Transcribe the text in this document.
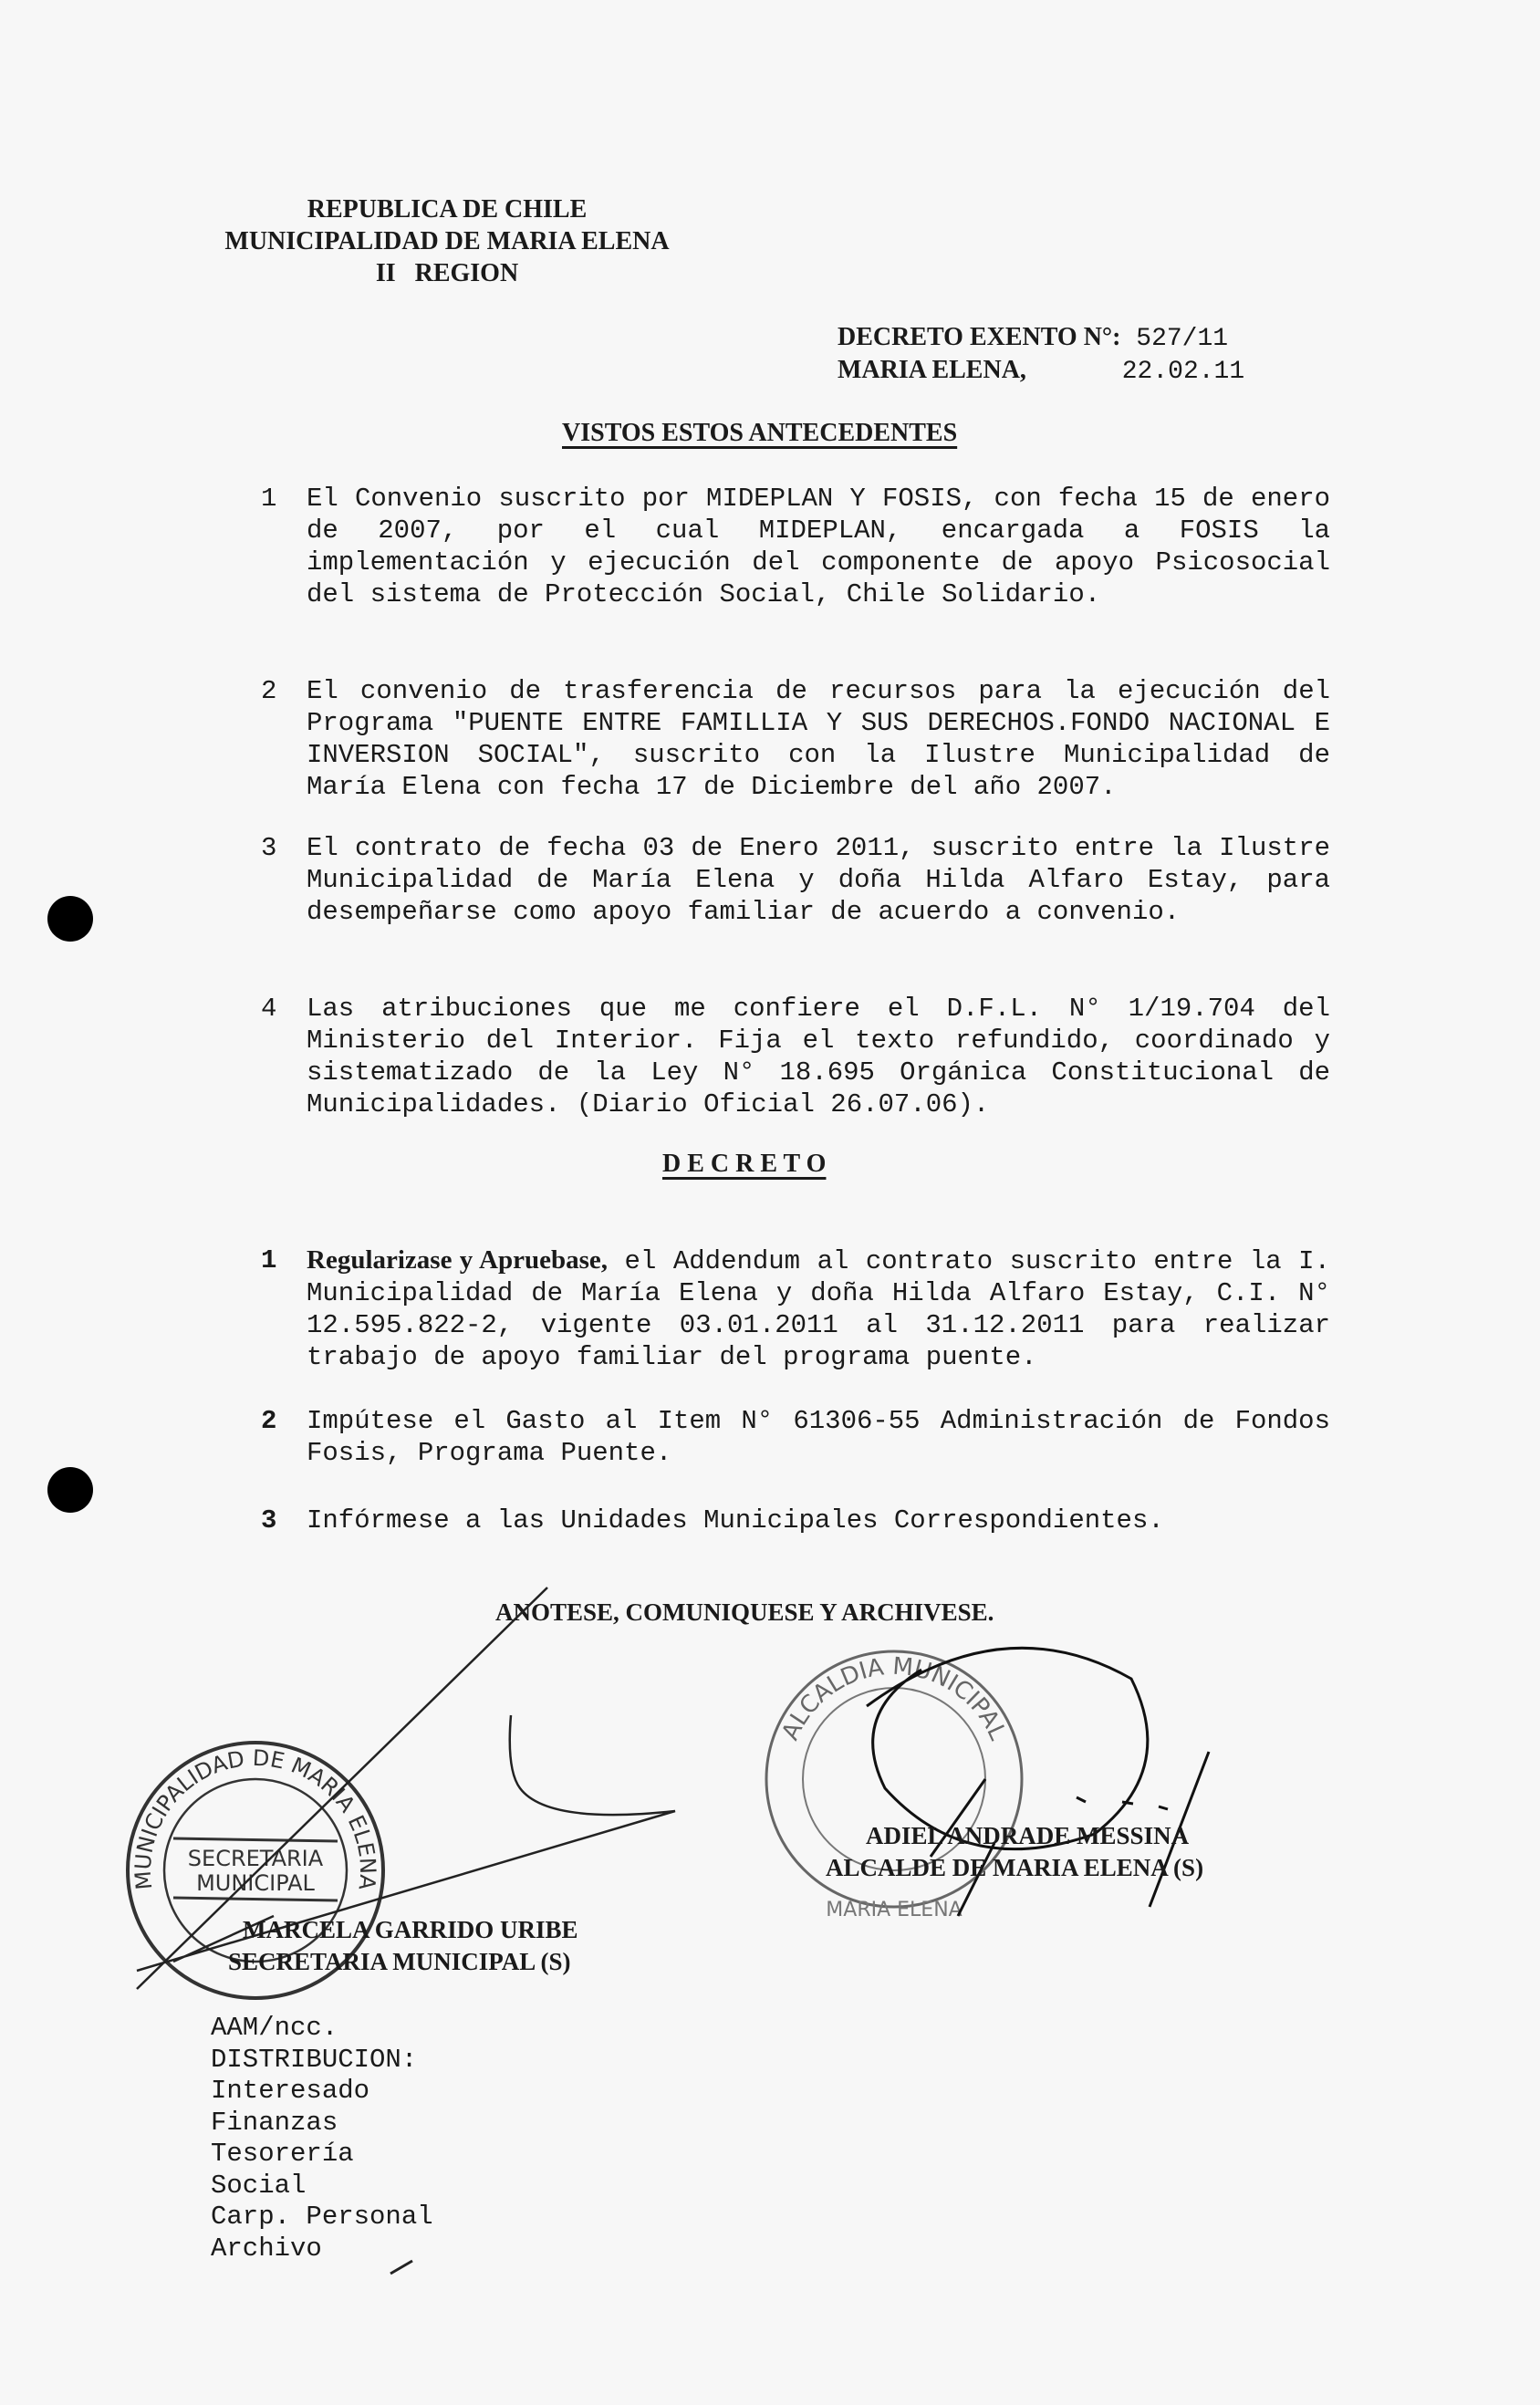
REPUBLICA DE CHILE
MUNICIPALIDAD DE MARIA ELENA
II   REGION
DECRETO EXENTO N°: 527/11
MARIA ELENA,	22.02.11
VISTOS ESTOS ANTECEDENTES
1	El Convenio suscrito por MIDEPLAN Y FOSIS, con fecha 15 de enero de 2007, por el cual MIDEPLAN, encargada a FOSIS la implementación y ejecución del componente de apoyo Psicosocial del sistema de Protección Social, Chile Solidario.
2	El convenio de trasferencia de recursos para la ejecución del Programa "PUENTE ENTRE FAMILLIA Y SUS DERECHOS.FONDO NACIONAL E INVERSION SOCIAL", suscrito con la Ilustre Municipalidad de María Elena con fecha 17 de Diciembre del año 2007.
3	El contrato de fecha 03 de Enero 2011, suscrito entre la Ilustre Municipalidad de María Elena y doña Hilda Alfaro Estay, para desempeñarse como apoyo familiar de acuerdo a convenio.
4	Las atribuciones que me confiere el D.F.L. N° 1/19.704 del Ministerio del Interior. Fija el texto refundido, coordinado y sistematizado de la Ley N° 18.695 Orgánica Constitucional de Municipalidades. (Diario Oficial 26.07.06).
D E C R E T O
1	Regularizase y Apruebase, el Addendum al contrato suscrito entre la I. Municipalidad de María Elena y doña Hilda Alfaro Estay, C.I. N° 12.595.822-2, vigente 03.01.2011 al 31.12.2011 para realizar trabajo de apoyo familiar del programa puente.
2	Impútese el Gasto al Item N° 61306-55 Administración de Fondos Fosis, Programa Puente.
3	Infórmese a las Unidades Municipales Correspondientes.
ANOTESE, COMUNIQUESE Y ARCHIVESE.
MUNICIPALIDAD DE MARIA ELENA
SECRETARIA
MUNICIPAL
ALCALDIA MUNICIPAL
MARIA ELENA
ADIEL ANDRADE MESSINA
ALCALDE DE MARIA ELENA (S)
MARCELA GARRIDO URIBE
SECRETARIA MUNICIPAL (S)
AAM/ncc.
DISTRIBUCION:
Interesado
Finanzas
Tesorería
Social
Carp. Personal
Archivo
